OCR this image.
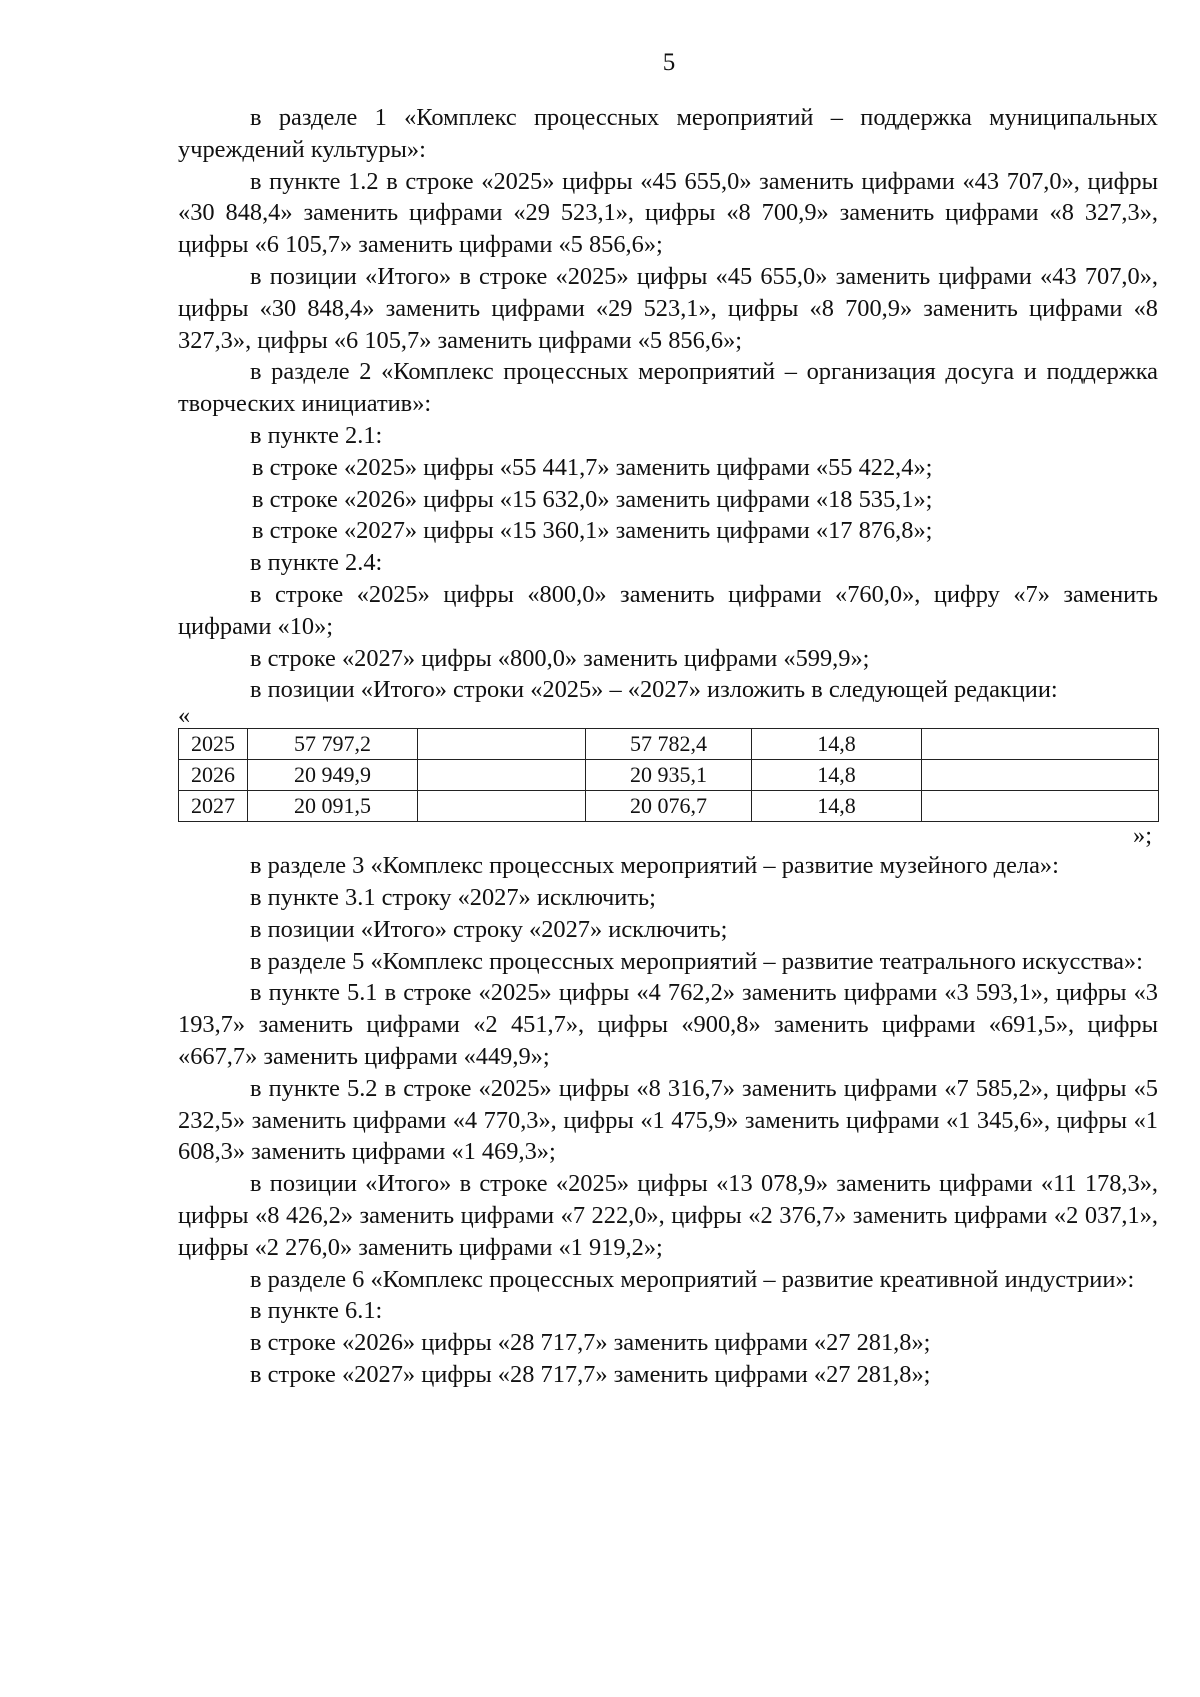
5

в разделе 1 «Комплекс процессных мероприятий – поддержка муниципальных учреждений культуры»:

в пункте 1.2 в строке «2025» цифры «45 655,0» заменить цифрами «43 707,0», цифры «30 848,4» заменить цифрами «29 523,1», цифры «8 700,9» заменить цифрами «8 327,3», цифры «6 105,7» заменить цифрами «5 856,6»;

в позиции «Итого» в строке «2025» цифры «45 655,0» заменить цифрами «43 707,0», цифры «30 848,4» заменить цифрами «29 523,1», цифры «8 700,9» заменить цифрами «8 327,3», цифры «6 105,7» заменить цифрами «5 856,6»;

в разделе 2 «Комплекс процессных мероприятий – организация досуга и поддержка творческих инициатив»:

в пункте 2.1:

в строке «2025» цифры «55 441,7» заменить цифрами «55 422,4»;

в строке «2026» цифры «15 632,0» заменить цифрами «18 535,1»;

в строке «2027» цифры «15 360,1» заменить цифрами «17 876,8»;

в пункте 2.4:

в строке «2025» цифры «800,0» заменить цифрами «760,0», цифру «7» заменить цифрами «10»;

в строке «2027» цифры «800,0» заменить цифрами «599,9»;

в позиции «Итого» строки «2025» – «2027» изложить в следующей редакции:

«

2025	57 797,2		57 782,4	14,8	
2026	20 949,9		20 935,1	14,8	
2027	20 091,5		20 076,7	14,8	

»;

в разделе 3 «Комплекс процессных мероприятий – развитие музейного дела»:

в пункте 3.1 строку «2027» исключить;

в позиции «Итого» строку «2027» исключить;

в разделе 5 «Комплекс процессных мероприятий – развитие театрального искусства»:

в пункте 5.1 в строке «2025» цифры «4 762,2» заменить цифрами «3 593,1», цифры «3 193,7» заменить цифрами «2 451,7», цифры «900,8» заменить цифрами «691,5», цифры «667,7» заменить цифрами «449,9»;

в пункте 5.2 в строке «2025» цифры «8 316,7» заменить цифрами «7 585,2», цифры «5 232,5» заменить цифрами «4 770,3», цифры «1 475,9» заменить цифрами «1 345,6», цифры «1 608,3» заменить цифрами «1 469,3»;

в позиции «Итого» в строке «2025» цифры «13 078,9» заменить цифрами «11 178,3», цифры «8 426,2» заменить цифрами «7 222,0», цифры «2 376,7» заменить цифрами «2 037,1», цифры «2 276,0» заменить цифрами «1 919,2»;

в разделе 6 «Комплекс процессных мероприятий – развитие креативной индустрии»:

в пункте 6.1:

в строке «2026» цифры «28 717,7» заменить цифрами «27 281,8»;

в строке «2027» цифры «28 717,7» заменить цифрами «27 281,8»;
